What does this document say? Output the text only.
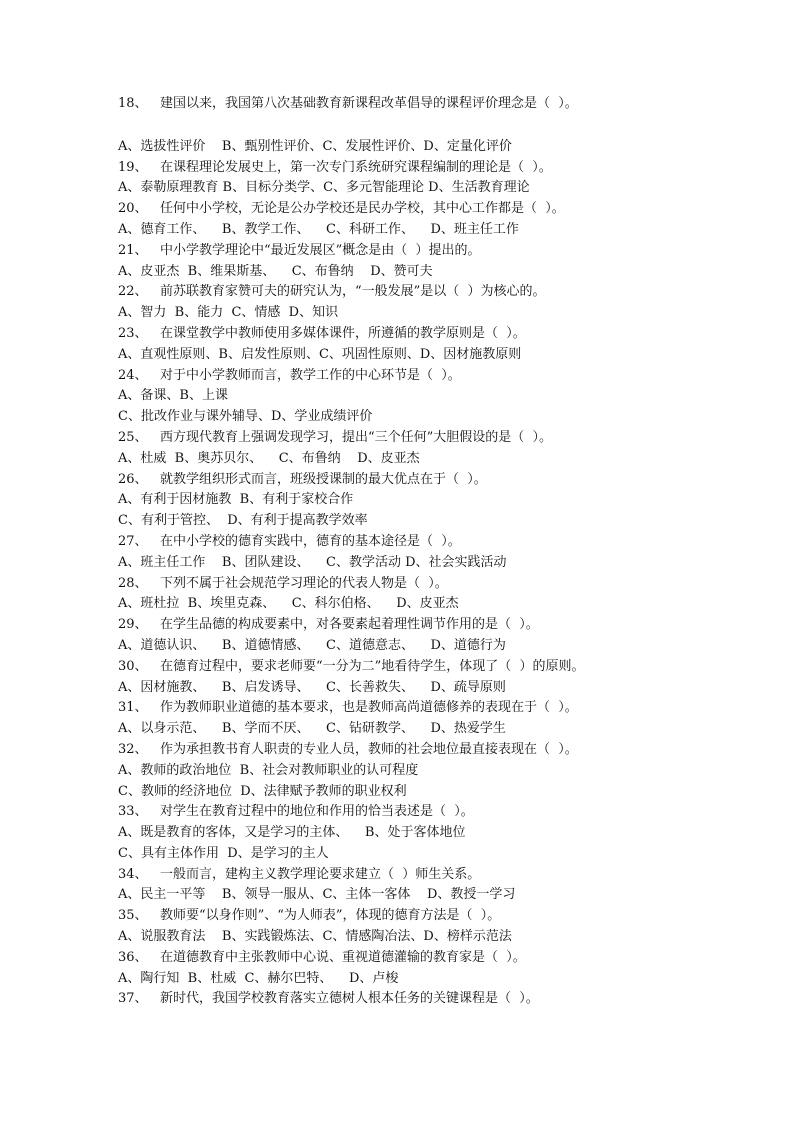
18、   建国以来，我国第八次基础教育新课程改革倡导的课程评价理念是（  ）。
A、选拔性评价    B、甄别性评价、C、发展性评价、D、定量化评价
19、   在课程理论发展史上，第一次专门系统研究课程编制的理论是（  ）。
A、泰勒原理教育 B、目标分类学、C、多元智能理论 D、生活教育理论
20、   任何中小学校，无论是公办学校还是民办学校，其中心工作都是（  ）。
A、德育工作、    B、教学工作、    C、科研工作、    D、班主任工作
21、   中小学教学理论中“最近发展区”概念是由（  ）提出的。
A、皮亚杰  B、维果斯基、    C、布鲁纳    D、赞可夫
22、   前苏联教育家赞可夫的研究认为，“一般发展”是以（  ）为核心的。
A、智力  B、能力  C、情感  D、知识
23、   在课堂教学中教师使用多媒体课件，所遵循的教学原则是（  ）。
A、直观性原则、B、启发性原则、C、巩固性原则、D、因材施教原则
24、   对于中小学教师而言，教学工作的中心环节是（  ）。
A、备课、B、上课
C、批改作业与课外辅导、D、学业成绩评价
25、   西方现代教育上强调发现学习，提出“三个任何”大胆假设的是（  ）。
A、杜威  B、奥苏贝尔、    C、布鲁纳    D、皮亚杰
26、   就教学组织形式而言，班级授课制的最大优点在于（  ）。
A、有利于因材施教  B、有利于家校合作
C、有利于管控、  D、有利于提高教学效率
27、   在中小学校的德育实践中，德育的基本途径是（  ）。
A、班主任工作    B、团队建设、    C、教学活动 D、社会实践活动
28、   下列不属于社会规范学习理论的代表人物是（  ）。
A、班杜拉  B、埃里克森、    C、科尔伯格、    D、皮亚杰
29、   在学生品德的构成要素中，对各要素起着理性调节作用的是（  ）。
A、道德认识、    B、道德情感、    C、道德意志、    D、道德行为
30、   在德育过程中，要求老师要“一分为二”地看待学生，体现了（  ）的原则。
A、因材施教、    B、启发诱导、    C、长善救失、    D、疏导原则
31、   作为教师职业道德的基本要求，也是教师高尚道德修养的表现在于（  ）。
A、以身示范、    B、学而不厌、    C、钻研教学、    D、热爱学生
32、   作为承担教书育人职责的专业人员，教师的社会地位最直接表现在（  ）。
A、教师的政治地位  B、社会对教师职业的认可程度
C、教师的经济地位  D、法律赋予教师的职业权利
33、   对学生在教育过程中的地位和作用的恰当表述是（  ）。
A、既是教育的客体，又是学习的主体、    B、处于客体地位
C、具有主体作用  D、是学习的主人
34、   一般而言，建构主义教学理论要求建立（  ）师生关系。
A、民主一平等    B、领导一服从、C、主体一客体    D、教授一学习
35、   教师要“以身作则”、“为人师表”，体现的德育方法是（  ）。
A、说服教育法    B、实践锻炼法、C、情感陶冶法、D、榜样示范法
36、   在道德教育中主张教师中心说、重视道德灌输的教育家是（  ）。
A、陶行知  B、杜威  C、赫尔巴特、    D、卢梭
37、   新时代，我国学校教育落实立德树人根本任务的关键课程是（  ）。
